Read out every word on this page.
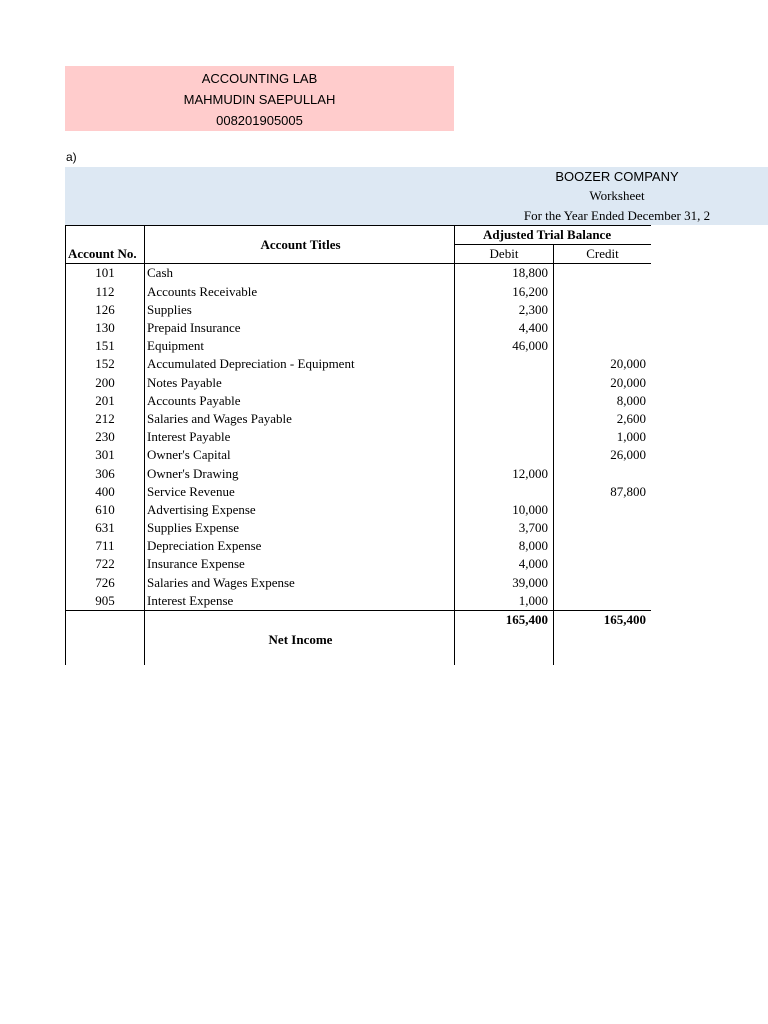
ACCOUNTING LAB
MAHMUDIN SAEPULLAH
008201905005
a)
BOOZER COMPANY
Worksheet
For the Year Ended December 31, 2
	Account Titles	Adjusted Trial Balance		
Account No.		Debit	Credit	
101	Cash	18,800		
112	Accounts Receivable	16,200		
126	Supplies	2,300		
130	Prepaid Insurance	4,400		
151	Equipment	46,000		
152	Accumulated Depreciation - Equipment		20,000	
200	Notes Payable		20,000	
201	Accounts Payable		8,000	
212	Salaries and Wages Payable		2,600	
230	Interest Payable		1,000	
301	Owner's Capital		26,000	
306	Owner's Drawing	12,000		
400	Service Revenue		87,800	
610	Advertising Expense	10,000		
631	Supplies Expense	3,700		
711	Depreciation Expense	8,000		
722	Insurance Expense	4,000		
726	Salaries and Wages Expense	39,000		
905	Interest Expense	1,000		
		165,400	165,400	
	Net Income			
